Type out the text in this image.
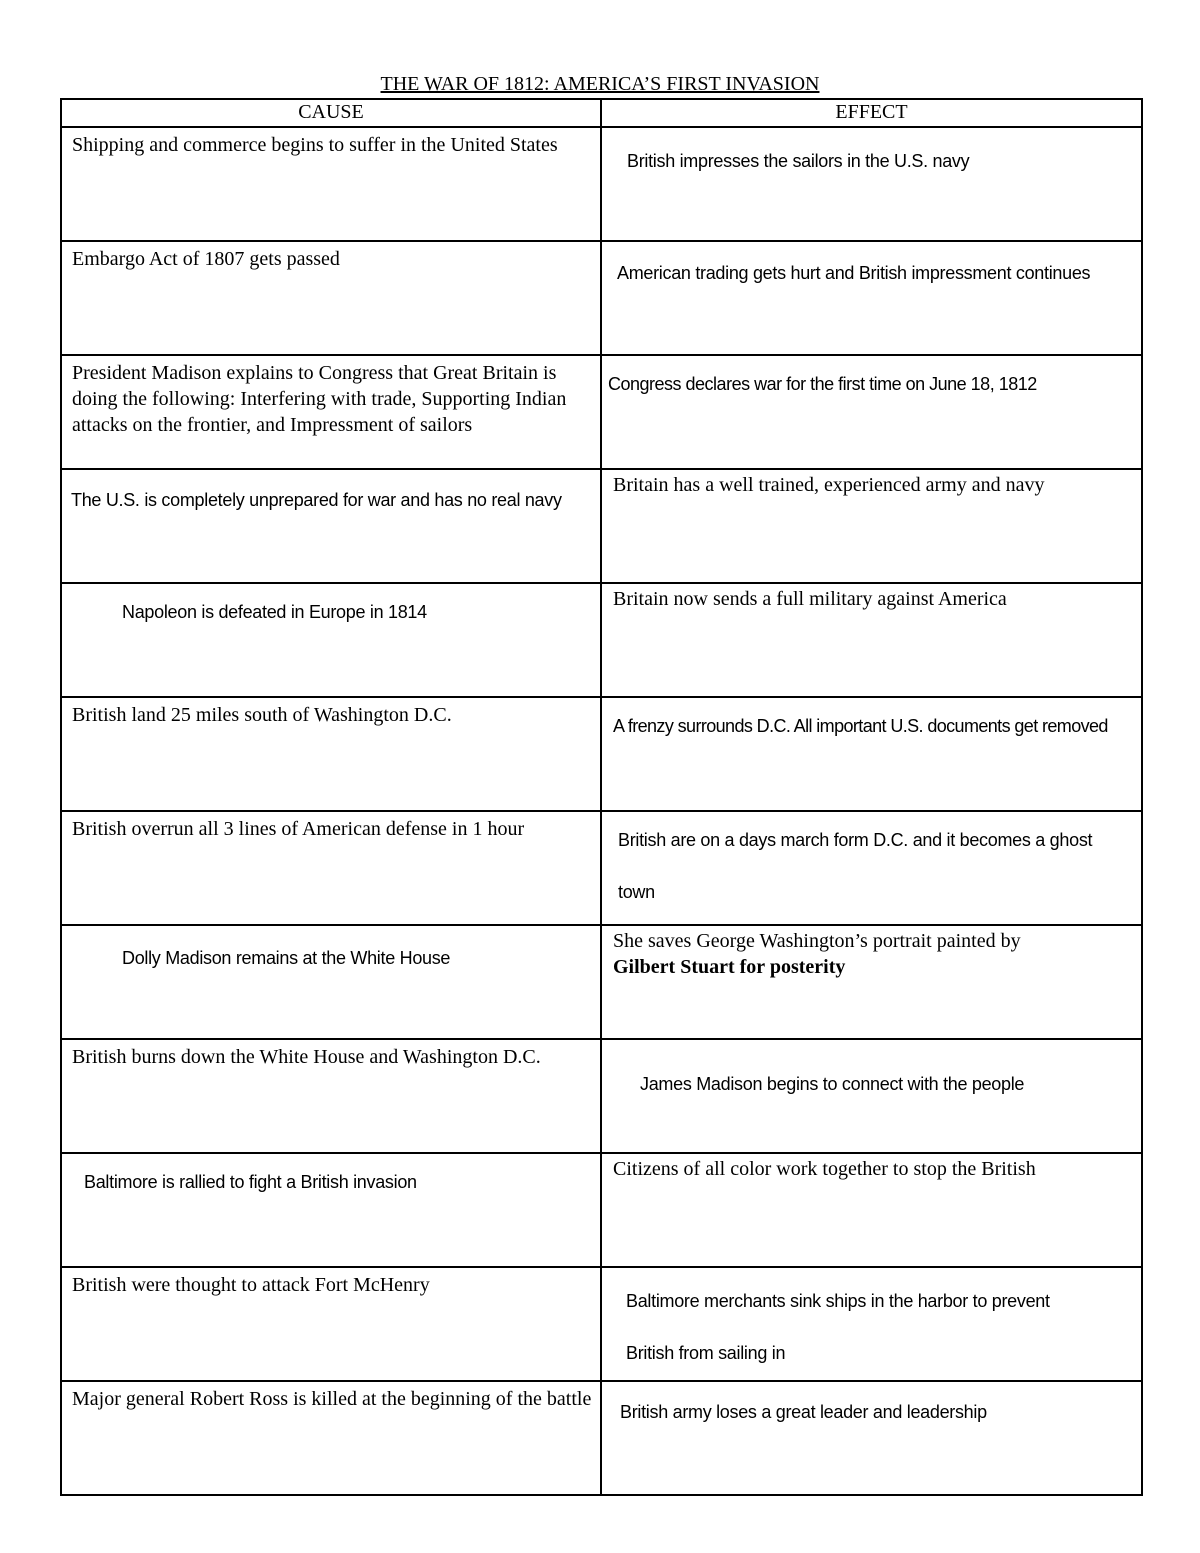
THE WAR OF 1812: AMERICA’S FIRST INVASION
CAUSE	EFFECT

Shipping and commerce begins to suffer in the United States	British impresses the sailors in the U.S. navy

Embargo Act of 1807 gets passed	American trading gets hurt and British impressment continues

President Madison explains to Congress that Great Britain is doing the following: Interfering with trade, Supporting Indian attacks on the frontier, and Impressment of sailors	Congress declares war for the first time on June 18, 1812

The U.S. is completely unprepared for war and has no real navy	Britain has a well trained, experienced army and navy

Napoleon is defeated in Europe in 1814	Britain now sends a full military against America

British land 25 miles south of Washington D.C.	A frenzy surrounds D.C. All important U.S. documents get removed

British overrun all 3 lines of American defense in 1 hour	British are on a days march form D.C. and it becomes a ghost town

Dolly Madison remains at the White House	She saves George Washington’s portrait painted by
Gilbert Stuart for posterity

British burns down the White House and Washington D.C.	James Madison begins to connect with the people

Baltimore is rallied to fight a British invasion	Citizens of all color work together to stop the British

British were thought to attack Fort McHenry	Baltimore merchants sink ships in the harbor to prevent British from sailing in

Major general Robert Ross is killed at the beginning of the battle	British army loses a great leader and leadership
